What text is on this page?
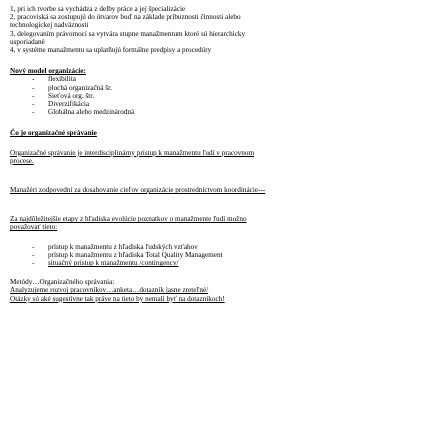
1, pri ich tvorbe sa vychádza z delby práce a jej špecializácie

2, pracoviská sa zostupujú do útvarov buď na základe príbuznosti činnosti alebo

technologickej nadväznosti

3, delegovaním právomocí sa vytvára stupne manažmentum ktoré sú hierarchicky

usporiadané

4, v systéme manažmentu sa uplatňujú formálne predpisy a procedúry

Nový model organizácie:

-	flexibilita
-	plochá organizačná šr.
-	Sieťová org. štr.
-	Diverzifikácia
-	Globálna alebo medzinárodná

Čo je organizačné správanie

Organizačné správanie je interdisciplinárny prístup k manažmentu ľudí v pracovnom

procese.

Manažéri zodpovední za dosahovanie cieľov organizácie prostredníctvom koordinácie---

Za najdôležitejšie etapy z hľadiska evolúcie poznatkov o manažmente ľudí možno

považovať tieto:

-	prístup k manažmentu z hľadiska ľudských vzťahov
-	prístup k manažmentu z hľadiska Total Quality Management
-	situačný prístup k manažmentu /contingency/

Metódy…Organizačného správania:

Analyzujeme rozvoj pracovníkov…anketa…dotazník jasne zreteľné/

Otázky sú aké sugestívne tak práve na tieto by nemali byť na dotazníkoch!
